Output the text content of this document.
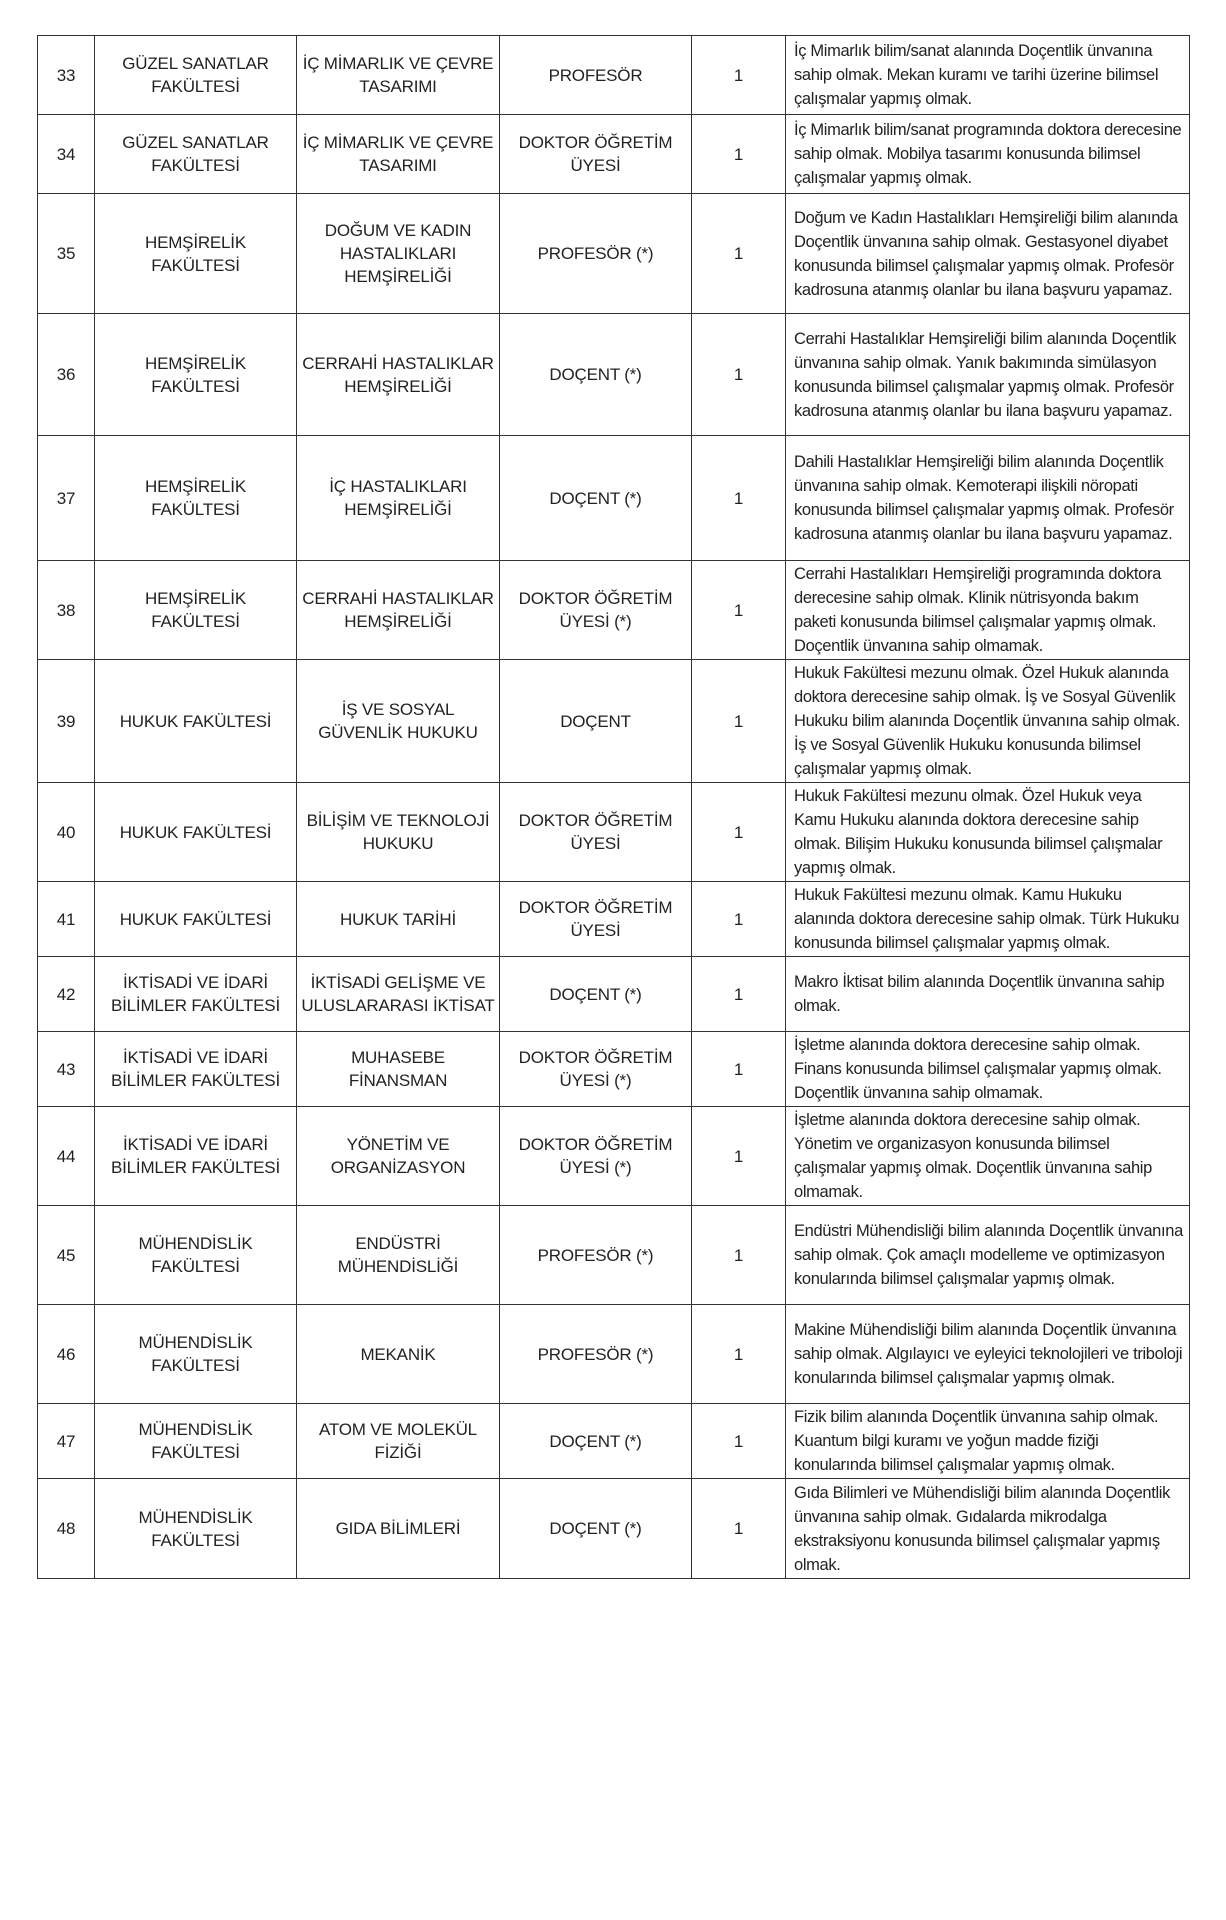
33	GÜZEL SANATLAR FAKÜLTESİ	İÇ MİMARLIK VE ÇEVRE TASARIMI	PROFESÖR	1	İç Mimarlık bilim/sanat alanında Doçentlik ünvanına sahip olmak. Mekan kuramı ve tarihi üzerine bilimsel çalışmalar yapmış olmak.
34	GÜZEL SANATLAR FAKÜLTESİ	İÇ MİMARLIK VE ÇEVRE TASARIMI	DOKTOR ÖĞRETİM ÜYESİ	1	İç Mimarlık bilim/sanat programında doktora derecesine sahip olmak. Mobilya tasarımı konusunda bilimsel çalışmalar yapmış olmak.
35	HEMŞİRELİK FAKÜLTESİ	DOĞUM VE KADIN HASTALIKLARI HEMŞİRELİĞİ	PROFESÖR (*)	1	Doğum ve Kadın Hastalıkları Hemşireliği bilim alanında Doçentlik ünvanına sahip olmak. Gestasyonel diyabet konusunda bilimsel çalışmalar yapmış olmak. Profesör kadrosuna atanmış olanlar bu ilana başvuru yapamaz.
36	HEMŞİRELİK FAKÜLTESİ	CERRAHİ HASTALIKLAR HEMŞİRELİĞİ	DOÇENT (*)	1	Cerrahi Hastalıklar Hemşireliği bilim alanında Doçentlik ünvanına sahip olmak. Yanık bakımında simülasyon konusunda bilimsel çalışmalar yapmış olmak. Profesör kadrosuna atanmış olanlar bu ilana başvuru yapamaz.
37	HEMŞİRELİK FAKÜLTESİ	İÇ HASTALIKLARI HEMŞİRELİĞİ	DOÇENT (*)	1	Dahili Hastalıklar Hemşireliği bilim alanında Doçentlik ünvanına sahip olmak. Kemoterapi ilişkili nöropati konusunda bilimsel çalışmalar yapmış olmak. Profesör kadrosuna atanmış olanlar bu ilana başvuru yapamaz.
38	HEMŞİRELİK FAKÜLTESİ	CERRAHİ HASTALIKLAR HEMŞİRELİĞİ	DOKTOR ÖĞRETİM ÜYESİ (*)	1	Cerrahi Hastalıkları Hemşireliği programında doktora derecesine sahip olmak. Klinik nütrisyonda bakım paketi konusunda bilimsel çalışmalar yapmış olmak. Doçentlik ünvanına sahip olmamak.
39	HUKUK FAKÜLTESİ	İŞ VE SOSYAL GÜVENLİK HUKUKU	DOÇENT	1	Hukuk Fakültesi mezunu olmak. Özel Hukuk alanında doktora derecesine sahip olmak. İş ve Sosyal Güvenlik Hukuku bilim alanında Doçentlik ünvanına sahip olmak. İş ve Sosyal Güvenlik Hukuku konusunda bilimsel çalışmalar yapmış olmak.
40	HUKUK FAKÜLTESİ	BİLİŞİM VE TEKNOLOJİ HUKUKU	DOKTOR ÖĞRETİM ÜYESİ	1	Hukuk Fakültesi mezunu olmak. Özel Hukuk veya Kamu Hukuku alanında doktora derecesine sahip olmak. Bilişim Hukuku konusunda bilimsel çalışmalar yapmış olmak.
41	HUKUK FAKÜLTESİ	HUKUK TARİHİ	DOKTOR ÖĞRETİM ÜYESİ	1	Hukuk Fakültesi mezunu olmak. Kamu Hukuku alanında doktora derecesine sahip olmak. Türk Hukuku konusunda bilimsel çalışmalar yapmış olmak.
42	İKTİSADİ VE İDARİ BİLİMLER FAKÜLTESİ	İKTİSADİ GELİŞME VE ULUSLARARASI İKTİSAT	DOÇENT (*)	1	Makro İktisat bilim alanında Doçentlik ünvanına sahip olmak.
43	İKTİSADİ VE İDARİ BİLİMLER FAKÜLTESİ	MUHASEBE FİNANSMAN	DOKTOR ÖĞRETİM ÜYESİ (*)	1	İşletme alanında doktora derecesine sahip olmak. Finans konusunda bilimsel çalışmalar yapmış olmak. Doçentlik ünvanına sahip olmamak.
44	İKTİSADİ VE İDARİ BİLİMLER FAKÜLTESİ	YÖNETİM VE ORGANİZASYON	DOKTOR ÖĞRETİM ÜYESİ (*)	1	İşletme alanında doktora derecesine sahip olmak. Yönetim ve organizasyon konusunda bilimsel çalışmalar yapmış olmak. Doçentlik ünvanına sahip olmamak.
45	MÜHENDİSLİK FAKÜLTESİ	ENDÜSTRİ MÜHENDİSLİĞİ	PROFESÖR (*)	1	Endüstri Mühendisliği bilim alanında Doçentlik ünvanına sahip olmak. Çok amaçlı modelleme ve optimizasyon konularında bilimsel çalışmalar yapmış olmak.
46	MÜHENDİSLİK FAKÜLTESİ	MEKANİK	PROFESÖR (*)	1	Makine Mühendisliği bilim alanında Doçentlik ünvanına sahip olmak. Algılayıcı ve eyleyici teknolojileri ve triboloji konularında bilimsel çalışmalar yapmış olmak.
47	MÜHENDİSLİK FAKÜLTESİ	ATOM VE MOLEKÜL FİZİĞİ	DOÇENT (*)	1	Fizik bilim alanında Doçentlik ünvanına sahip olmak. Kuantum bilgi kuramı ve yoğun madde fiziği konularında bilimsel çalışmalar yapmış olmak.
48	MÜHENDİSLİK FAKÜLTESİ	GIDA BİLİMLERİ	DOÇENT (*)	1	Gıda Bilimleri ve Mühendisliği bilim alanında Doçentlik ünvanına sahip olmak. Gıdalarda mikrodalga ekstraksiyonu konusunda bilimsel çalışmalar yapmış olmak.
